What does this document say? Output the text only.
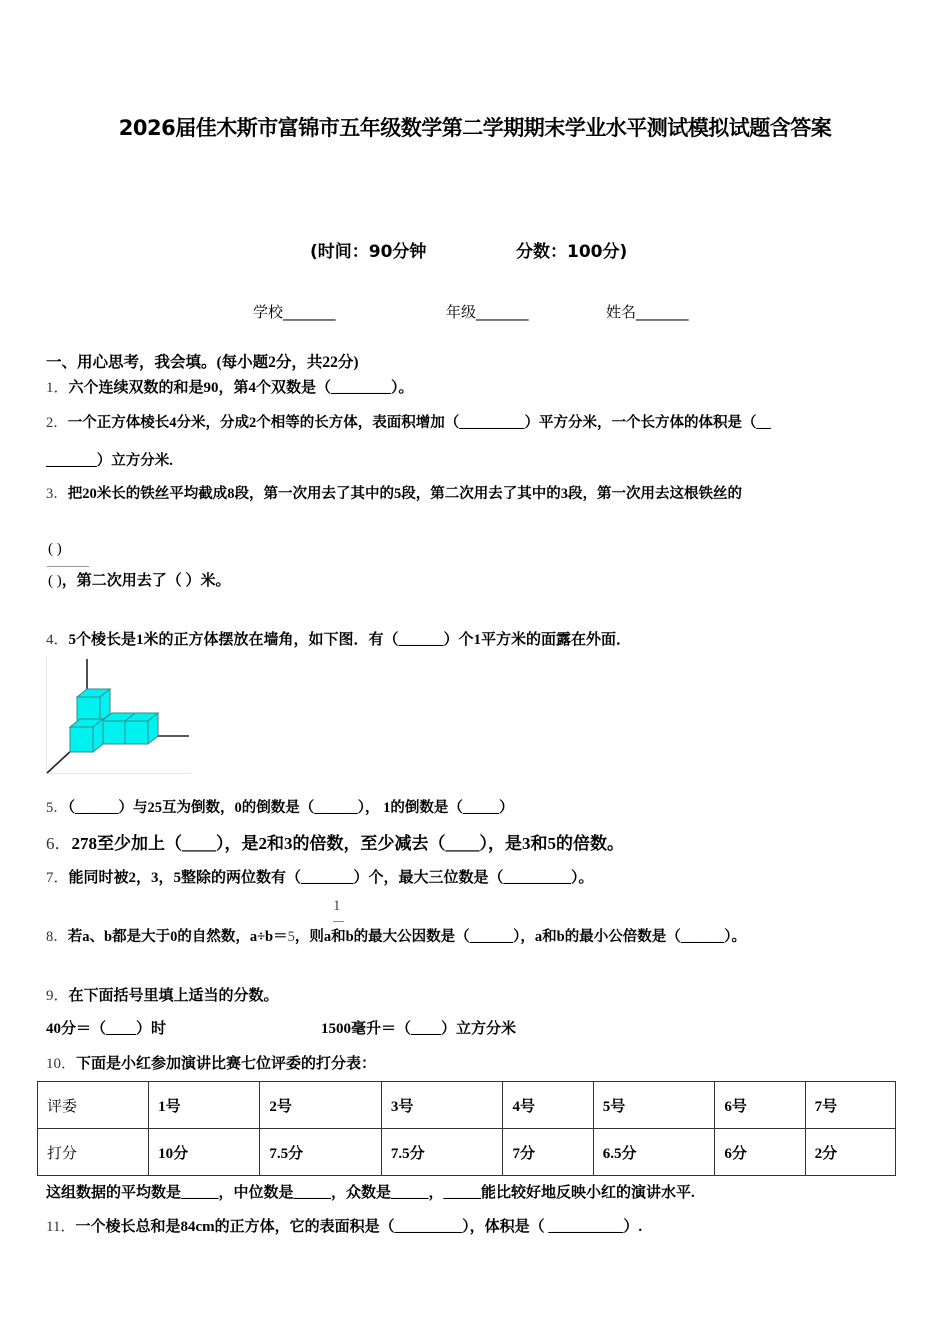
2026届佳木斯市富锦市五年级数学第二学期期末学业水平测试模拟试题含答案
(时间：90分钟	分数：100分)
学校_______	年级_______	姓名_______
一、用心思考，我会填。(每小题2分，共22分)
1．六个连续双数的和是90，第4个双数是（________）。
2．一个正方体棱长4分米，分成2个相等的长方体，表面积增加（_________）平方分米，一个长方体的体积是（__
_______）立方分米.
3．把20米长的铁丝平均截成8段，第一次用去了其中的5段，第二次用去了其中的3段，第一次用去这根铁丝的
( )
( )，第二次用去了（ ）米。
4．5个棱长是1米的正方体摆放在墙角，如下图．有（______）个1平方米的面露在外面．
5．（______）与25互为倒数，0的倒数是（______）， 1的倒数是（_____）
6．278至少加上（____），是2和3的倍数，至少减去（____），是3和5的倍数。
7．能同时被2，3，5整除的两位数有（_______）个，最大三位数是（_________）。
1
8．若a、b都是大于0的自然数，a÷b＝5，则a和b的最大公因数是（______），a和b的最小公倍数是（______）。
9．在下面括号里填上适当的分数。
40分＝（____）时	1500毫升＝（____）立方分米
10．下面是小红参加演讲比赛七位评委的打分表：
评委	1号	2号	3号	4号	5号	6号	7号
打分	10分	7.5分	7.5分	7分	6.5分	6分	2分
这组数据的平均数是_____，中位数是_____，众数是_____，_____能比较好地反映小红的演讲水平.
11．一个棱长总和是84cm的正方体，它的表面积是（_________），体积是（ __________）.
